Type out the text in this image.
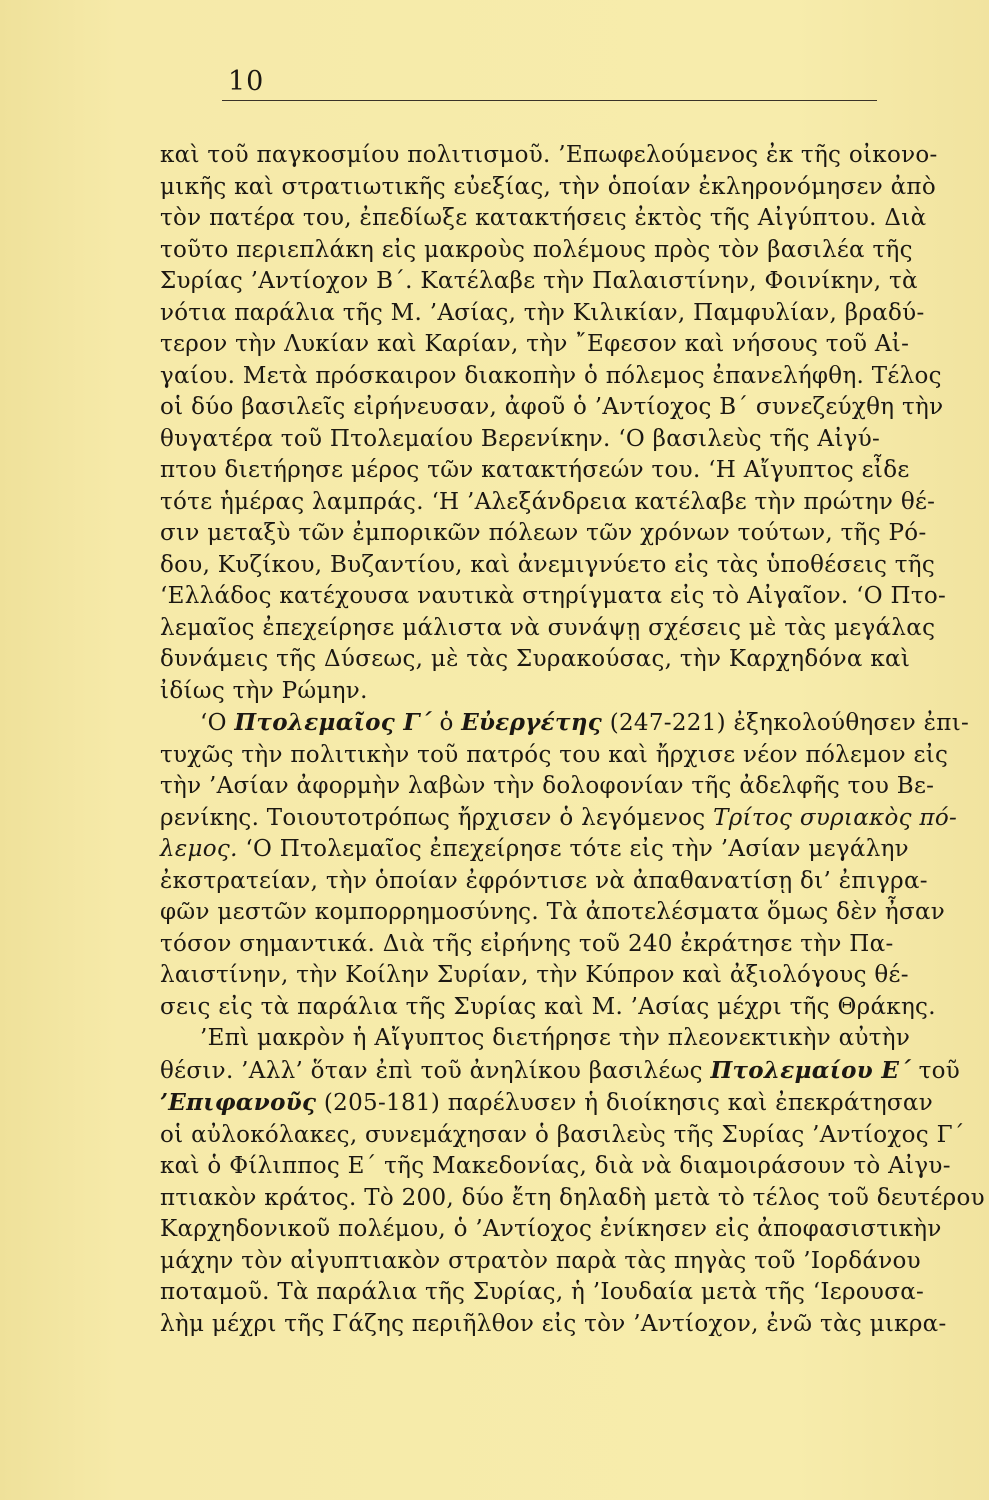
10
καὶ τοῦ παγκοσμίου πολιτισμοῦ. ’Επωφελούμενος ἐκ τῆς οἰκονο-
μικῆς καὶ στρατιωτικῆς εὐεξίας, τὴν ὁποίαν ἐκληρονόμησεν ἀπὸ
τὸν πατέρα του, ἐπεδίωξε κατακτήσεις ἐκτὸς τῆς Αἰγύπτου. Διὰ
τοῦτο περιεπλάκη εἰς μακροὺς πολέμους πρὸς τὸν βασιλέα τῆς
Συρίας ’Αντίοχον Β΄. Κατέλαβε τὴν Παλαιστίνην, Φοινίκην, τὰ
νότια παράλια τῆς Μ. ’Ασίας, τὴν Κιλικίαν, Παμφυλίαν, βραδύ-
τερον τὴν Λυκίαν καὶ Καρίαν, τὴν ῎Εφεσον καὶ νήσους τοῦ Αἰ-
γαίου. Μετὰ πρόσκαιρον διακοπὴν ὁ πόλεμος ἐπανελήφθη. Τέλος
οἱ δύο βασιλεῖς εἰρήνευσαν, ἀφοῦ ὁ ’Αντίοχος Β΄ συνεζεύχθη τὴν
θυγατέρα τοῦ Πτολεμαίου Βερενίκην. ‘Ο βασιλεὺς τῆς Αἰγύ-
πτου διετήρησε μέρος τῶν κατακτήσεών του. ‘Η Αἴγυπτος εἶδε
τότε ἡμέρας λαμπράς. ‘Η ’Αλεξάνδρεια κατέλαβε τὴν πρώτην θέ-
σιν μεταξὺ τῶν ἐμπορικῶν πόλεων τῶν χρόνων τούτων, τῆς Ρό-
δου, Κυζίκου, Βυζαντίου, καὶ ἀνεμιγνύετο εἰς τὰς ὑποθέσεις τῆς
‘Ελλάδος κατέχουσα ναυτικὰ στηρίγματα εἰς τὸ Αἰγαῖον. ‘Ο Πτο-
λεμαῖος ἐπεχείρησε μάλιστα νὰ συνάψῃ σχέσεις μὲ τὰς μεγάλας
δυνάμεις τῆς Δύσεως, μὲ τὰς Συρακούσας, τὴν Καρχηδόνα καὶ
ἰδίως τὴν Ρώμην.
‘Ο Πτολεμαῖος Γ΄ ὁ Εὐεργέτης (247-221) ἐξηκολούθησεν ἐπι-
τυχῶς τὴν πολιτικὴν τοῦ πατρός του καὶ ἤρχισε νέον πόλεμον εἰς
τὴν ’Ασίαν ἀφορμὴν λαβὼν τὴν δολοφονίαν τῆς ἀδελφῆς του Βε-
ρενίκης. Τοιουτοτρόπως ἤρχισεν ὁ λεγόμενος Τρίτος συριακὸς πό-
λεμος. ‘Ο Πτολεμαῖος ἐπεχείρησε τότε εἰς τὴν ’Ασίαν μεγάλην
ἐκστρατείαν, τὴν ὁποίαν ἐφρόντισε νὰ ἀπαθανατίσῃ δι’ ἐπιγρα-
φῶν μεστῶν κομπορρημοσύνης. Τὰ ἀποτελέσματα ὅμως δὲν ἦσαν
τόσον σημαντικά. Διὰ τῆς εἰρήνης τοῦ 240 ἐκράτησε τὴν Πα-
λαιστίνην, τὴν Κοίλην Συρίαν, τὴν Κύπρον καὶ ἀξιολόγους θέ-
σεις εἰς τὰ παράλια τῆς Συρίας καὶ Μ. ’Ασίας μέχρι τῆς Θράκης.
’Επὶ μακρὸν ἡ Αἴγυπτος διετήρησε τὴν πλεονεκτικὴν αὐτὴν
θέσιν. ’Αλλ’ ὅταν ἐπὶ τοῦ ἀνηλίκου βασιλέως Πτολεμαίου Ε΄ τοῦ
’Επιφανοῦς (205-181) παρέλυσεν ἡ διοίκησις καὶ ἐπεκράτησαν
οἱ αὐλοκόλακες, συνεμάχησαν ὁ βασιλεὺς τῆς Συρίας ’Αντίοχος Γ΄
καὶ ὁ Φίλιππος Ε΄ τῆς Μακεδονίας, διὰ νὰ διαμοιράσουν τὸ Αἰγυ-
πτιακὸν κράτος. Τὸ 200, δύο ἔτη δηλαδὴ μετὰ τὸ τέλος τοῦ δευτέρου
Καρχηδονικοῦ πολέμου, ὁ ’Αντίοχος ἐνίκησεν εἰς ἀποφασιστικὴν
μάχην τὸν αἰγυπτιακὸν στρατὸν παρὰ τὰς πηγὰς τοῦ ’Ιορδάνου
ποταμοῦ. Τὰ παράλια τῆς Συρίας, ἡ ’Ιουδαία μετὰ τῆς ‘Ιερουσα-
λὴμ μέχρι τῆς Γάζης περιῆλθον εἰς τὸν ’Αντίοχον, ἐνῶ τὰς μικρα-
